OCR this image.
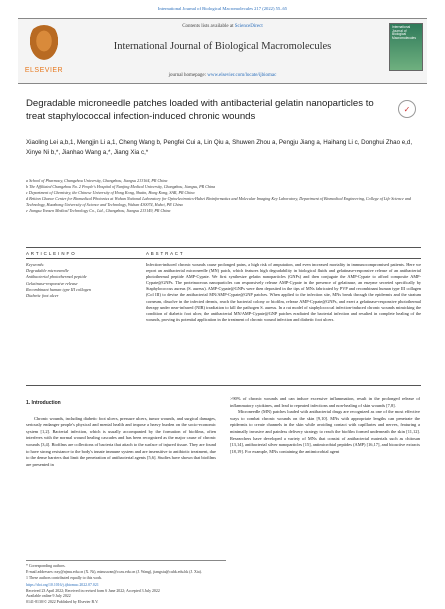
International Journal of Biological Macromolecules 217 (2022) 55–65
ELSEVIER
Contents lists available at ScienceDirect
International Journal of Biological Macromolecules
journal homepage: www.elsevier.com/locate/ijbiomac
International Journal of Biological Macromolecules
Degradable microneedle patches loaded with antibacterial gelatin nanoparticles to treat staphylococcal infection-induced chronic wounds
✓
Xiaoling Lei a,b,1, Mengjin Li a,1, Cheng Wang b, Pengfei Cui a, Lin Qiu a, Shuwen Zhou a, Pengju Jiang a, Haihang Li c, Donghui Zhao e,d, Xinye Ni b,*, Jianhao Wang a,*, Jiang Xia c,*
a School of Pharmacy, Changzhou University, Changzhou, Jiangsu 213164, PR China
b The Affiliated Changzhou No. 2 People's Hospital of Nanjing Medical University, Changzhou, Jiangsu, PR China
c Department of Chemistry, the Chinese University of Hong Kong, Shatin, Hong Kong, SAR, PR China
d Britton Chance Center for Biomedical Photonics at Wuhan National Laboratory for Optoelectronics-Hubei Bioinformatics and Molecular Imaging Key Laboratory, Department of Biomedical Engineering, College of Life Science and Technology, Huazhong University of Science and Technology, Wuhan 430074, Hubei, PR China
e Jiangsu Yonsen Medical Technology Co., Ltd., Changzhou, Jiangsu 213149, PR China
A R T I C L E I N F O	A B S T R A C T
Keywords:
Degradable microneedle
Antibacterial photothermal peptide
Gelatinase-responsive release
Recombinant human type III collagen
Diabetic foot ulcer
Infection-induced chronic wounds cause prolonged pains, a high risk of amputation, and even increased mortality in immunocompromised patients. Here we report an antibacterial microneedle (MN) patch, which features high degradability in biological fluids and gelatinase-responsive release of an antibacterial photothermal peptide AMP-Cypate. We first synthesize gelatin nanoparticles (GNPs) and then conjugate the AMP-Cypate to afford composite AMP-Cypate@GNPs. The proteinaceous nanoparticles can responsively release AMP-Cypate in the presence of gelatinase, an enzyme secreted specifically by Staphylococcus aureus (S. aureus). AMP-Cypate@GNPs were then deposited in the tips of MNs fabricated by PVP and recombinant human type III collagen (Col III) to devise the antibacterial MN/AMP-Cypate@GNP patches. When applied to the infection site, MNs break through the epidermis and the stratum corneum, dissolve in the infected dermis, reach the bacterial colony or biofilm, release AMP-Cypate@GNPs, and exert a gelatinase-responsive photothermal therapy under near-infrared (NIR) irradiation to kill the pathogen S. aureus. In a rat model of staphylococcal infection-induced chronic wounds mimicking the condition of diabetic foot ulcer, the antibacterial MN/AMP-Cypate@GNP patches eradiated the bacterial infection and resulted in complete healing of the wounds, proving its potential application in the treatment of chronic wound infection and diabetic foot ulcers.
1. Introduction

Chronic wounds, including diabetic foot ulcers, pressure ulcers, tumor wounds, and surgical damages, seriously endanger people's physical and mental health and impose a heavy burden on the socio-economic system [1,2]. Bacterial infection, which is usually accompanied by the formation of biofilms, often interferes with the normal wound healing cascades and has been recognized as the major cause of chronic wounds [3,4]. Biofilms are collections of bacteria that attach to the surface of injured tissue. They are found to have strong resistance to the body's innate immune system and are insensitive to antibiotic treatment, due to the dense barriers that limit the penetration of antibacterial agents [5,6]. Studies have shown that biofilms are presented in

>90% of chronic wounds and can induce excessive inflammation, result in the prolonged release of inflammatory cytokines, and lead to repeated infections and non-healing of skin wounds [7,8].

Microneedle (MN) patches loaded with antibacterial drugs are recognized as one of the most effective ways to combat chronic wounds on the skin [9,10]. MNs with appropriate lengths can penetrate the epidermis to create channels in the skin while avoiding contact with capillaries and nerves, featuring a minimally invasive and painless delivery strategy to reach the biofilm formed underneath the skin [11,12]. Researchers have developed a variety of MNs that consist of antibacterial materials such as chitosan [13,14], antibacterial silver nanoparticles [15], antimicrobial peptides (AMP) [16,17], and bioactive extracts [18,19]. For example, MNs containing the antimicrobial agent

* Corresponding authors.
E-mail addresses: nxy@njmu.edu.cn (X. Ni), minuswan@cczu.edu.cn (J. Wang), jiangxia@cuhk.edu.hk (J. Xia).
1 These authors contributed equally to this work.
https://doi.org/10.1016/j.ijbiomac.2022.07.021
Received 23 April 2022; Received in revised form 6 June 2022; Accepted 3 July 2022
Available online 9 July 2022
0141-8130/© 2022 Published by Elsevier B.V.
